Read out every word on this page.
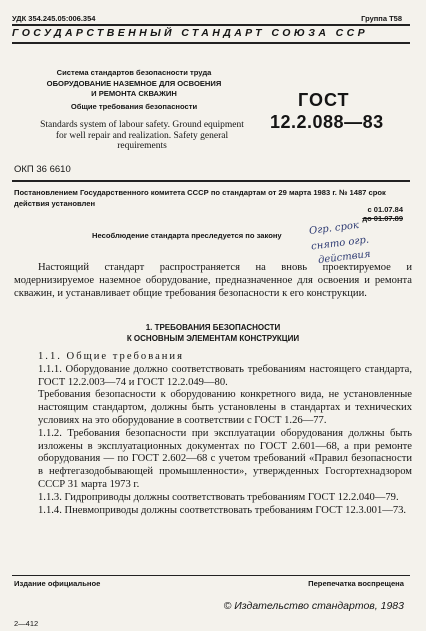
УДК 354.245.05:006.354	Группа Т58
ГОСУДАРСТВЕННЫЙ СТАНДАРТ СОЮЗА ССР
Система стандартов безопасности труда
ОБОРУДОВАНИЕ НАЗЕМНОЕ ДЛЯ ОСВОЕНИЯ
И РЕМОНТА СКВАЖИН
Общие требования безопасности	ГОСТ
12.2.088—83
Standards system of labour safety. Ground equipment
for well repair and realization. Safety general
requirements
ОКП 36 6610
Постановлением Государственного комитета СССР по стандартам от 29 марта 1983 г. № 1487 срок действия установлен
с 01.07.84
до 01.07.89
Несоблюдение стандарта преследуется по закону	Огр. срок
снято огр.
действия
Настоящий стандарт распространяется на вновь проектируемое и модернизируемое наземное оборудование, предназначенное для освоения и ремонта скважин, и устанавливает общие требования безопасности к его конструкции.
1. ТРЕБОВАНИЯ БЕЗОПАСНОСТИ
К ОСНОВНЫМ ЭЛЕМЕНТАМ КОНСТРУКЦИИ
1.1. Общие требования
1.1.1. Оборудование должно соответствовать требованиям настоящего стандарта, ГОСТ 12.2.003—74 и ГОСТ 12.2.049—80.
Требования безопасности к оборудованию конкретного вида, не установленные настоящим стандартом, должны быть установлены в стандартах и технических условиях на это оборудование в соответствии с ГОСТ 1.26—77.
1.1.2. Требования безопасности при эксплуатации оборудования должны быть изложены в эксплуатационных документах по ГОСТ 2.601—68, а при ремонте оборудования — по ГОСТ 2.602—68 с учетом требований «Правил безопасности в нефтегазодобывающей промышленности», утвержденных Госгортехнадзором СССР 31 марта 1973 г.
1.1.3. Гидроприводы должны соответствовать требованиям ГОСТ 12.2.040—79.
1.1.4. Пневмоприводы должны соответствовать требованиям ГОСТ 12.3.001—73.
Издание официальное	Перепечатка воспрещена
© Издательство стандартов, 1983
2—412
